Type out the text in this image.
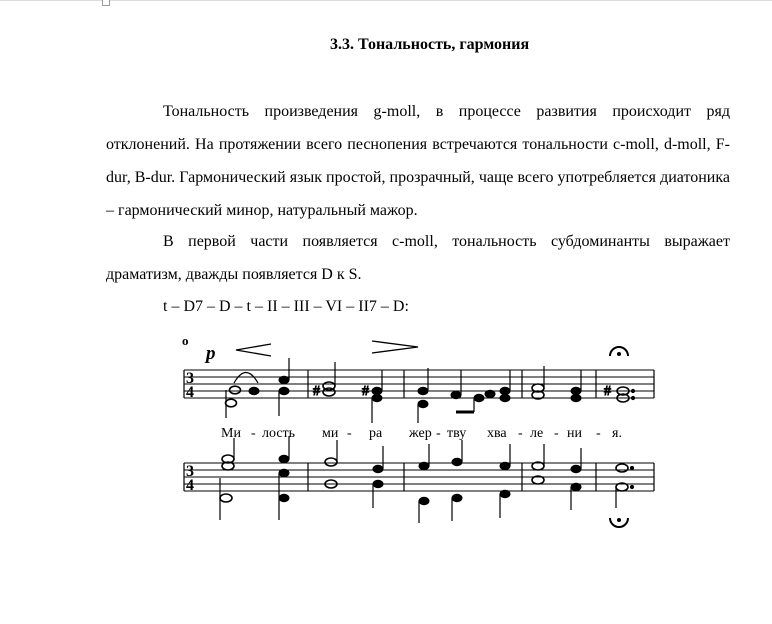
3.3. Тональность, гармония

Тональность произведения g-moll, в процессе развития происходит ряд отклонений. На протяжении всего песнопения встречаются тональности c-moll, d-moll, F-dur, B-dur. Гармонический язык простой, прозрачный, чаще всего употребляется диатоника – гармонический минор, натуральный мажор.

В первой части появляется c-moll, тональность субдоминанты выражает драматизм, дважды появляется D к S.

t – D7 – D – t – II – III – VI – II7 – D:
o
p
3
4
3
4
#	#	#
Ми - лость ми - ра жер - тву хва - ле - ни - я.
